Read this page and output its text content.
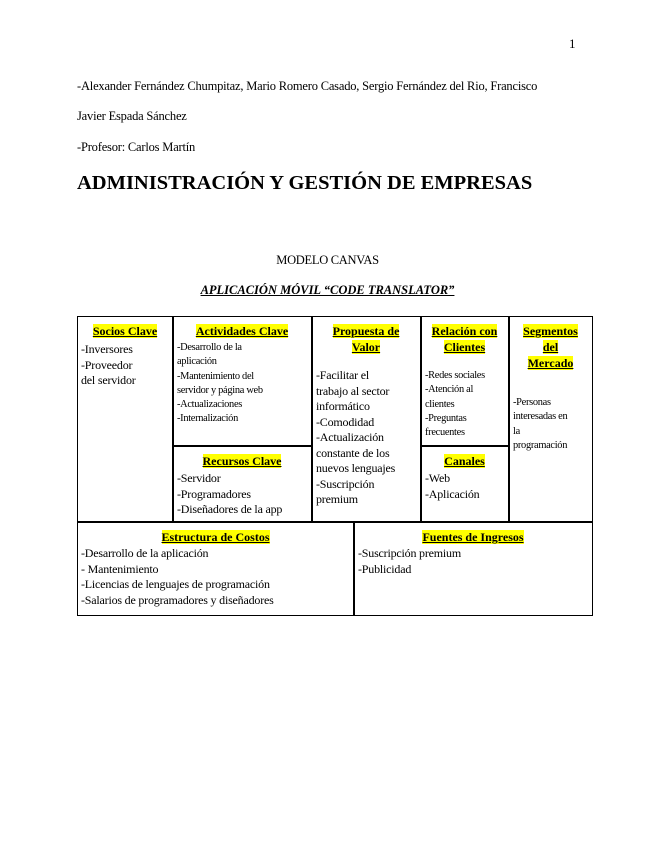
1
-Alexander Fernández Chumpitaz, Mario Romero Casado, Sergio Fernández del Rio, Francisco
Javier Espada Sánchez
-Profesor: Carlos Martín
ADMINISTRACIÓN Y GESTIÓN DE EMPRESAS
MODELO CANVAS
APLICACIÓN MÓVIL “CODE TRANSLATOR”
Socios Clave
-Inversores
-Proveedor
del servidor
Actividades Clave
-Desarrollo de la
aplicación
-Mantenimiento del
servidor y página web
-Actualizaciones
-Internalización
Recursos Clave
-Servidor
-Programadores
-Diseñadores de la app
Propuesta de
Valor
-Facilitar el
trabajo al sector
informático
-Comodidad
-Actualización
constante de los
nuevos lenguajes
-Suscripción
premium
Relación con
Clientes
-Redes sociales
-Atención al
clientes
-Preguntas
frecuentes
Canales
-Web
-Aplicación
Segmentos
del
Mercado
-Personas
interesadas en
la
programación
Estructura de Costos
-Desarrollo de la aplicación
- Mantenimiento
-Licencias de lenguajes de programación
-Salarios de programadores y diseñadores
Fuentes de Ingresos
-Suscripción premium
-Publicidad
